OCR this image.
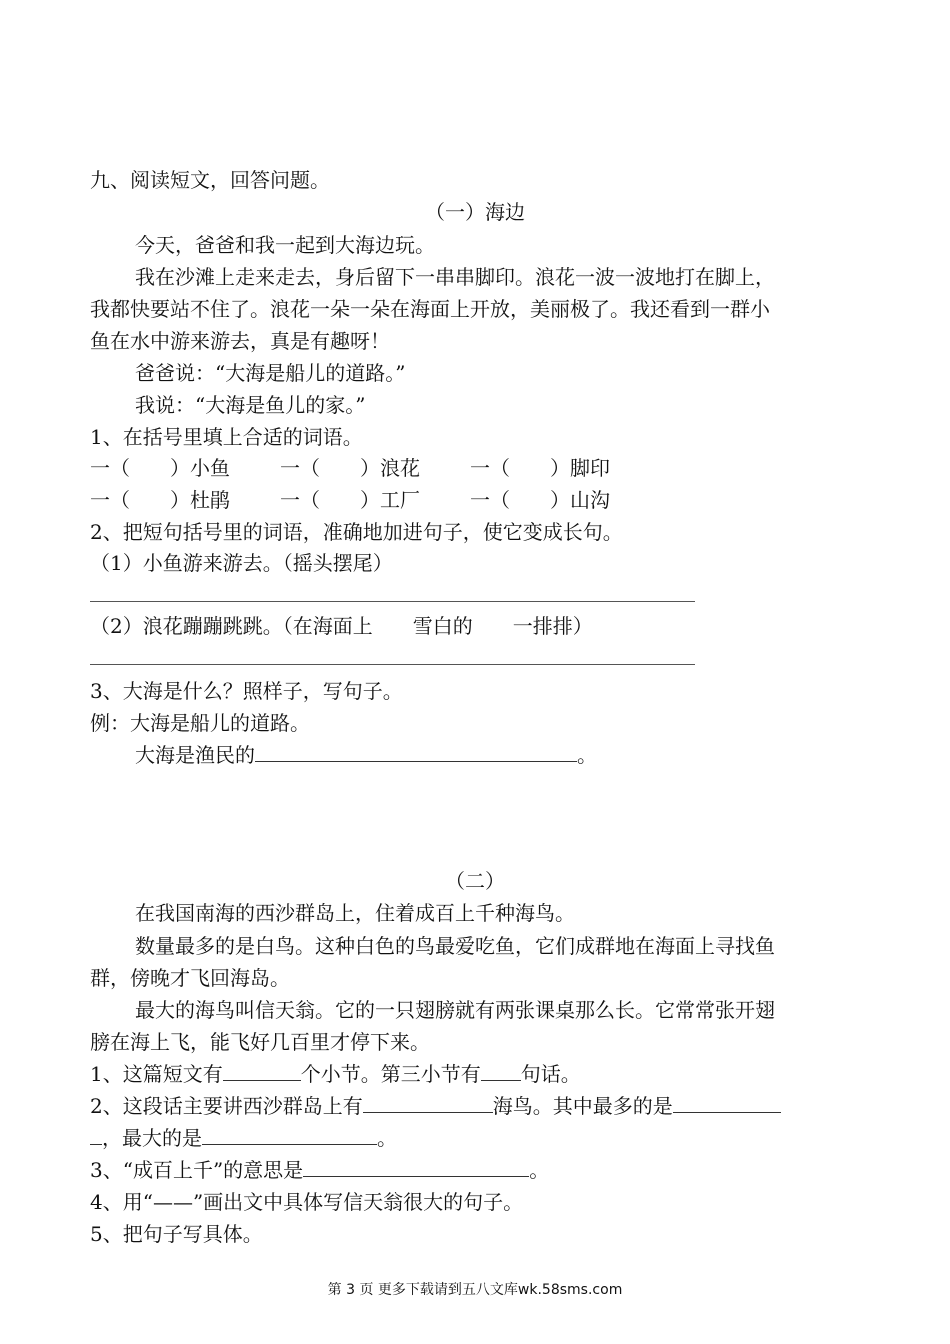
九、阅读短文，回答问题。
（一）海边
今天，爸爸和我一起到大海边玩。
我在沙滩上走来走去，身后留下一串串脚印。浪花一波一波地打在脚上，
我都快要站不住了。浪花一朵一朵在海面上开放，美丽极了。我还看到一群小
鱼在水中游来游去，真是有趣呀！
爸爸说：“大海是船儿的道路。”
我说：“大海是鱼儿的家。”
1、在括号里填上合适的词语。
一（　　）小鱼	一（　　）浪花	一（　　）脚印
一（　　）杜鹃	一（　　）工厂	一（　　）山沟
2、把短句括号里的词语，准确地加进句子，使它变成长句。
（1）小鱼游来游去。（摇头摆尾）
（2）浪花蹦蹦跳跳。（在海面上　　雪白的　　一排排）
3、大海是什么？照样子，写句子。
例：大海是船儿的道路。
大海是渔民的	。
（二）
在我国南海的西沙群岛上，住着成百上千种海鸟。
数量最多的是白鸟。这种白色的鸟最爱吃鱼，它们成群地在海面上寻找鱼
群，傍晚才飞回海岛。
最大的海鸟叫信天翁。它的一只翅膀就有两张课桌那么长。它常常张开翅
膀在海上飞，能飞好几百里才停下来。
1、这篇短文有	个小节。第三小节有 句话。
2、这段话主要讲西沙群岛上有	海鸟。其中最多的是
，最大的是	。
3、“成百上千”的意思是	。
4、用“——”画出文中具体写信天翁很大的句子。
5、把句子写具体。
第 3 页 更多下载请到五八文库wk.58sms.com
